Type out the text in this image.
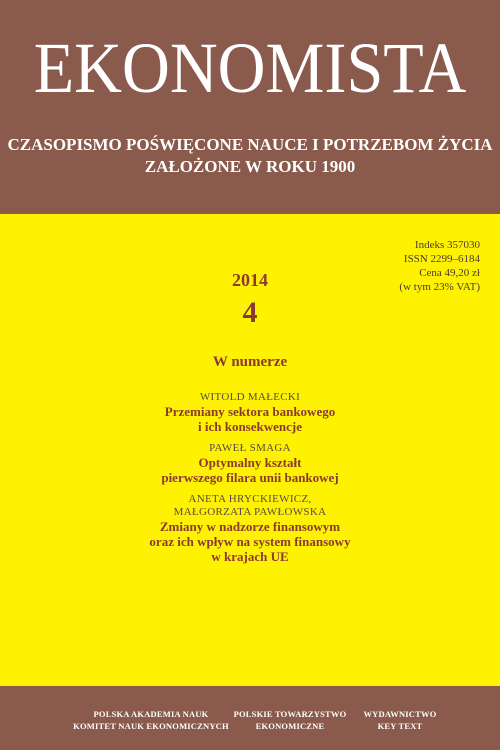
EKONOMISTA
CZASOPISMO POŚWIĘCONE NAUCE I POTRZEBOM ŻYCIA
ZAŁOŻONE W ROKU 1900
Indeks 357030
ISSN 2299–6184
Cena 49,20 zł
(w tym 23% VAT)
2014
4
W numerze
WITOLD MAŁECKI
Przemiany sektora bankowego
i ich konsekwencje
PAWEŁ SMAGA
Optymalny kształt
pierwszego filara unii bankowej
ANETA HRYCKIEWICZ,
MAŁGORZATA PAWŁOWSKA
Zmiany w nadzorze finansowym
oraz ich wpływ na system finansowy
w krajach UE
POLSKA AKADEMIA NAUK
KOMITET NAUK EKONOMICZNYCH
POLSKIE TOWARZYSTWO
EKONOMICZNE
WYDAWNICTWO
KEY TEXT
